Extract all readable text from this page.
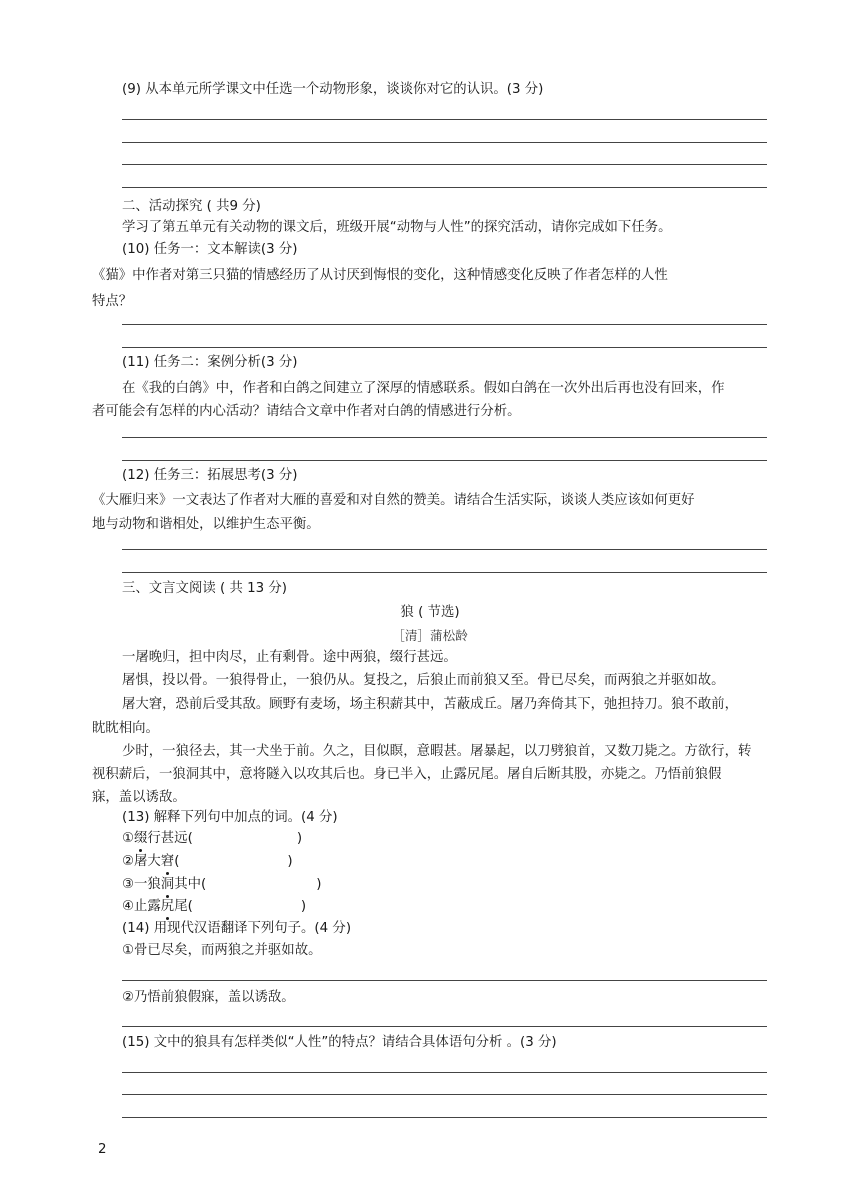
(9) 从本单元所学课文中任选一个动物形象，谈谈你对它的认识。(3 分)
二、活动探究 ( 共9 分)
学习了第五单元有关动物的课文后，班级开展“动物与人性”的探究活动，请你完成如下任务。
(10) 任务一：文本解读(3 分)
《猫》中作者对第三只猫的情感经历了从讨厌到悔恨的变化，这种情感变化反映了作者怎样的人性
特点？
(11) 任务二：案例分析(3 分)
在《我的白鸽》中，作者和白鸽之间建立了深厚的情感联系。假如白鸽在一次外出后再也没有回来，作
者可能会有怎样的内心活动？请结合文章中作者对白鸽的情感进行分析。
(12) 任务三：拓展思考(3 分)
《大雁归来》一文表达了作者对大雁的喜爱和对自然的赞美。请结合生活实际，谈谈人类应该如何更好
地与动物和谐相处，以维护生态平衡。
三、文言文阅读 ( 共 13 分)
狼 ( 节选)
［清］蒲松龄
一屠晚归，担中肉尽，止有剩骨。途中两狼，缀行甚远。
屠惧，投以骨。一狼得骨止，一狼仍从。复投之，后狼止而前狼又至。骨已尽矣，而两狼之并驱如故。
屠大窘，恐前后受其敌。顾野有麦场，场主积薪其中，苫蔽成丘。屠乃奔倚其下，弛担持刀。狼不敢前，
眈眈相向。
少时，一狼径去，其一犬坐于前。久之，目似瞑，意暇甚。屠暴起，以刀劈狼首，又数刀毙之。方欲行，转
视积薪后，一狼洞其中，意将隧入以攻其后也。身已半入，止露尻尾。屠自后断其股，亦毙之。乃悟前狼假
寐，盖以诱敌。
(13) 解释下列句中加点的词。(4 分)
①缀行甚远(	)
②屠大窘(	)
③一狼洞其中(	)
④止露尻尾(	)
(14) 用现代汉语翻译下列句子。(4 分)
①骨已尽矣，而两狼之并驱如故。
②乃悟前狼假寐，盖以诱敌。
(15) 文中的狼具有怎样类似“人性”的特点？请结合具体语句分析 。(3 分)
2
